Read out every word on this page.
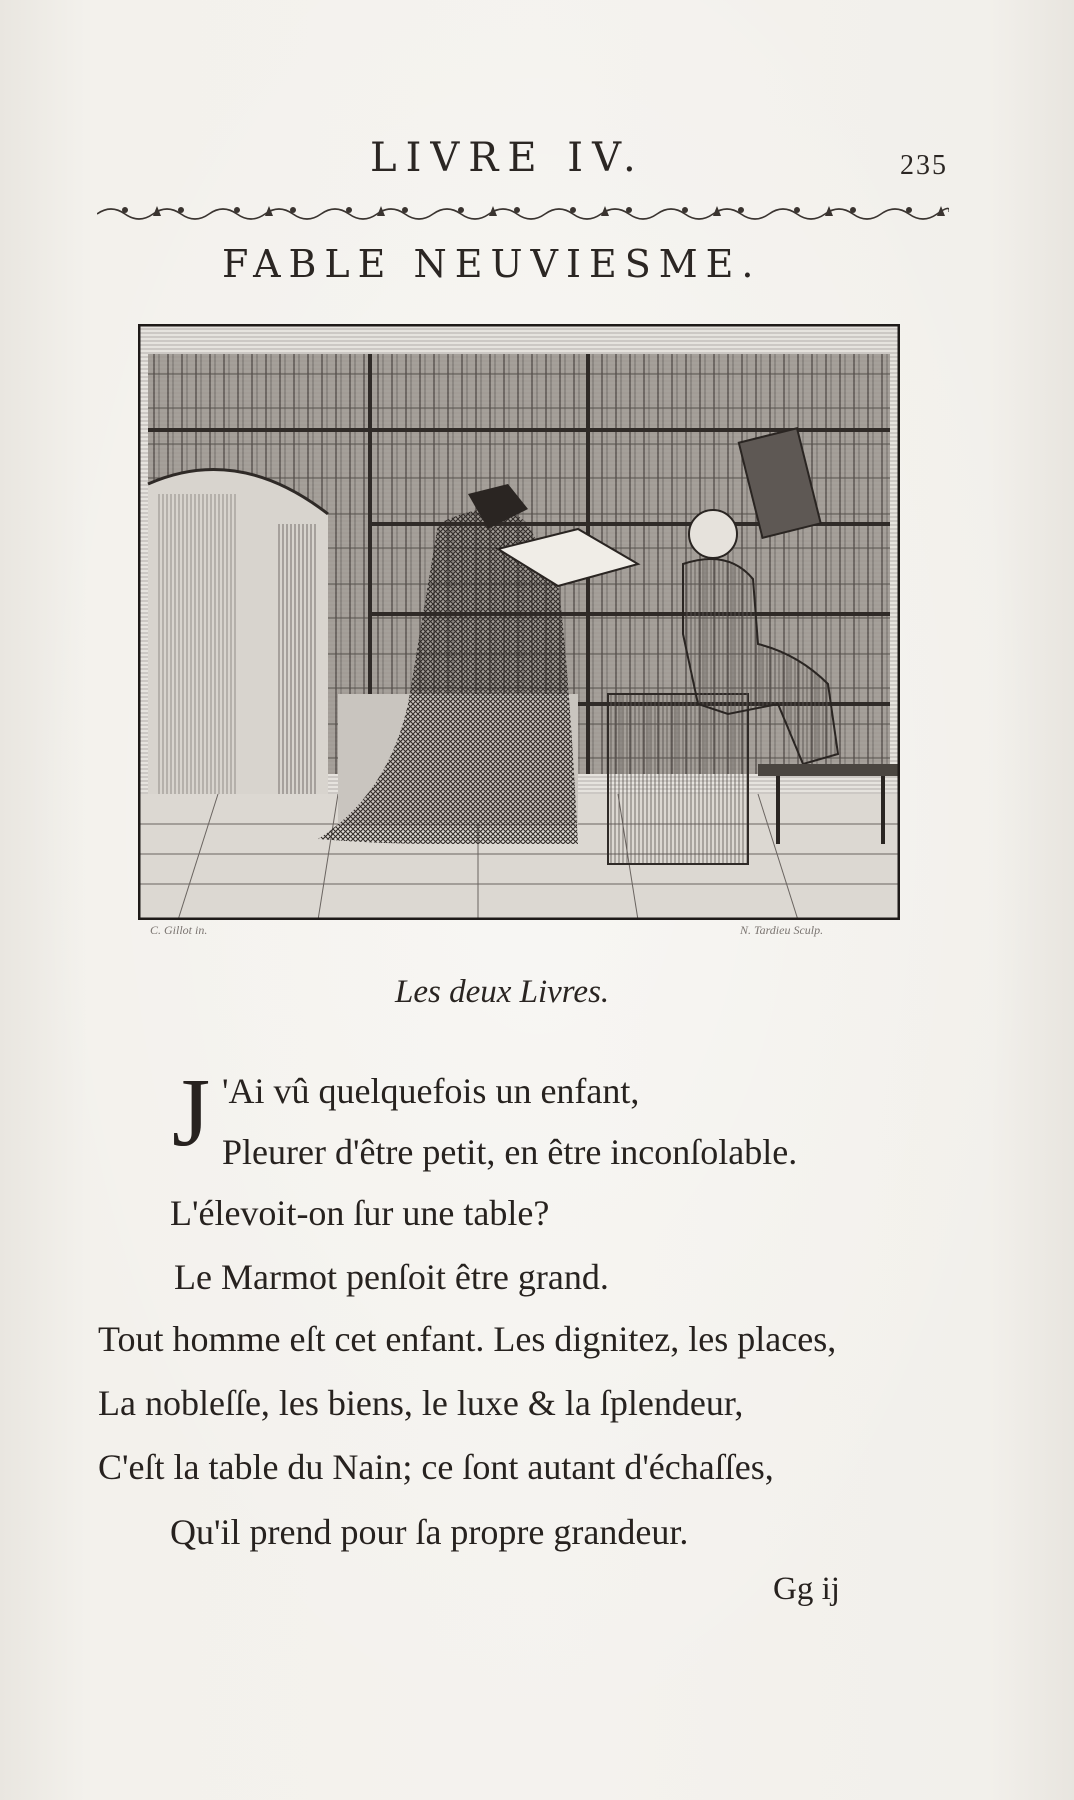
LIVRE IV.	235
FABLE NEUVIESME.
C. Gillot in.	N. Tardieu Sculp.
Les deux Livres.
J 'Ai vû quelquefois un enfant,
Pleurer d'être petit, en être inconſolable.
L'élevoit-on ſur une table?
Le Marmot penſoit être grand.
Tout homme eſt cet enfant. Les dignitez, les places,
La nobleſſe, les biens, le luxe & la ſplendeur,
C'eſt la table du Nain; ce ſont autant d'échaſſes,
Qu'il prend pour ſa propre grandeur.
Gg ij
